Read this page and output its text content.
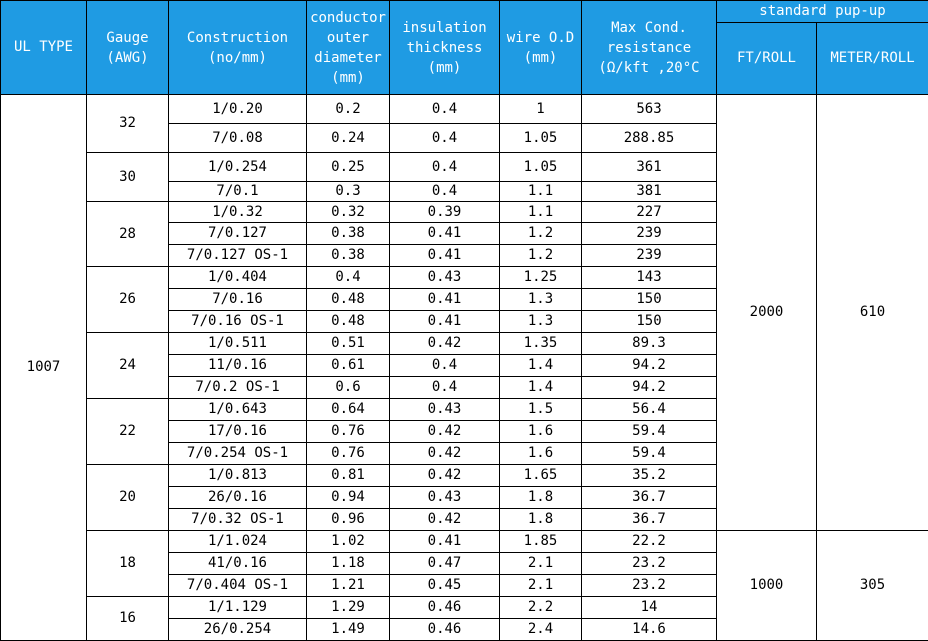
UL TYPE	Gauge (AWG)	Construction (no/mm)	conductor outer diameter (mm)	insulation thickness (mm)	wire O.D (mm)	Max Cond. resistance (Ω/kft ,20°C	standard pup-up	
							FT/ROLL	METER/ROLL
1007	32	1/0.20	0.2	0.4	1	563	2000	610
		7/0.08	0.24	0.4	1.05	288.85		
	30	1/0.254	0.25	0.4	1.05	361		
		7/0.1	0.3	0.4	1.1	381		
	28	1/0.32	0.32	0.39	1.1	227		
		7/0.127	0.38	0.41	1.2	239		
		7/0.127 OS-1	0.38	0.41	1.2	239		
	26	1/0.404	0.4	0.43	1.25	143		
		7/0.16	0.48	0.41	1.3	150		
		7/0.16 OS-1	0.48	0.41	1.3	150		
	24	1/0.511	0.51	0.42	1.35	89.3		
		11/0.16	0.61	0.4	1.4	94.2		
		7/0.2 OS-1	0.6	0.4	1.4	94.2		
	22	1/0.643	0.64	0.43	1.5	56.4		
		17/0.16	0.76	0.42	1.6	59.4		
		7/0.254 OS-1	0.76	0.42	1.6	59.4		
	20	1/0.813	0.81	0.42	1.65	35.2		
		26/0.16	0.94	0.43	1.8	36.7		
		7/0.32 OS-1	0.96	0.42	1.8	36.7		
	18	1/1.024	1.02	0.41	1.85	22.2	1000	305
		41/0.16	1.18	0.47	2.1	23.2		
		7/0.404 OS-1	1.21	0.45	2.1	23.2		
	16	1/1.129	1.29	0.46	2.2	14		
		26/0.254	1.49	0.46	2.4	14.6		
